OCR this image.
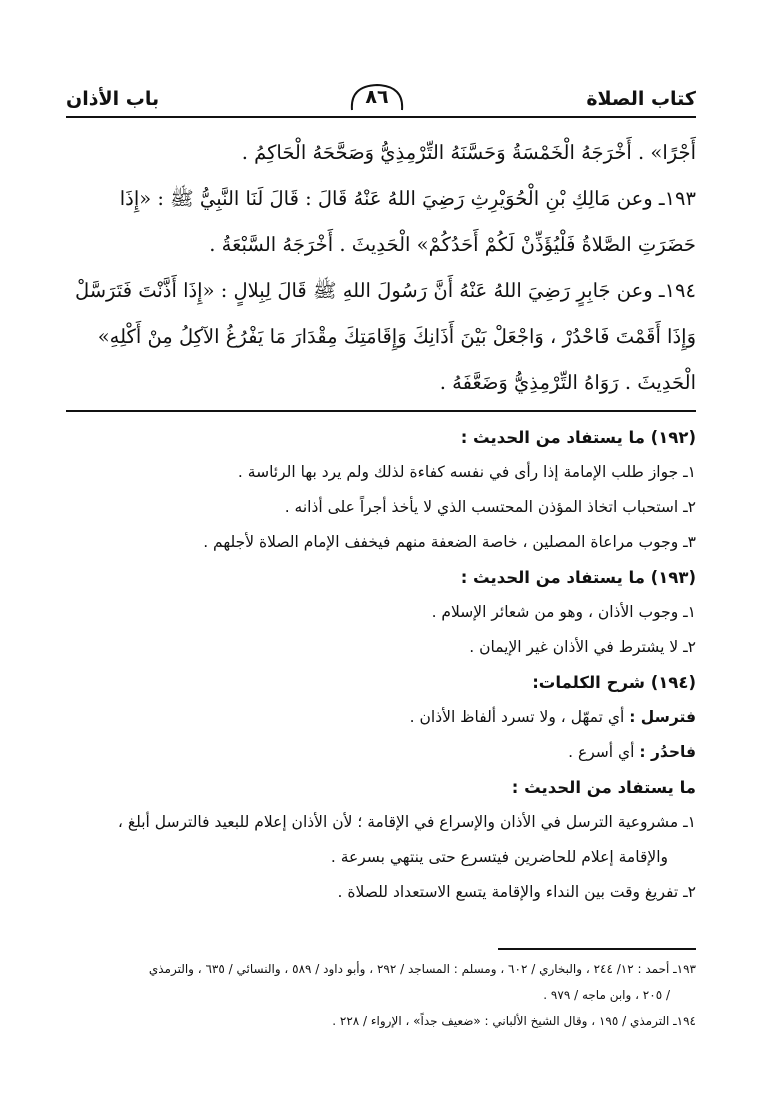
كتاب الصلاة
٨٦
باب الأذان

أَجْرًا» . أَخْرَجَهُ الْخَمْسَةُ وَحَسَّنَهُ التِّرْمِذِيُّ وَصَحَّحَهُ الْحَاكِمُ .

١٩٣ـ وعن مَالِكِ بْنِ الْحُوَيْرِثِ رَضِيَ اللهُ عَنْهُ قَالَ : قَالَ لَنَا النَّبِيُّ ﷺ : «إِذَا

حَضَرَتِ الصَّلاةُ فَلْيُؤَذِّنْ لَكُمْ أَحَدُكُمْ» الْحَدِيثَ . أَخْرَجَهُ السَّبْعَةُ .

١٩٤ـ وعن جَابِرٍ رَضِيَ اللهُ عَنْهُ أَنَّ رَسُولَ اللهِ ﷺ قَالَ لِبِلالٍ : «إِذَا أَذَّنْتَ فَتَرَسَّلْ

وَإِذَا أَقَمْتَ فَاحْدُرْ ، وَاجْعَلْ بَيْنَ أَذَانِكَ وَإِقَامَتِكَ مِقْدَارَ مَا يَفْرُغُ الآكِلُ مِنْ أَكْلِهِ»

الْحَدِيثَ . رَوَاهُ التِّرْمِذِيُّ وَضَعَّفَهُ .

(١٩٢) ما يستفاد من الحديث :

١ـ جواز طلب الإمامة إذا رأى في نفسه كفاءة لذلك ولم يرد بها الرئاسة .

٢ـ استحباب اتخاذ المؤذن المحتسب الذي لا يأخذ أجراً على أذانه .

٣ـ وجوب مراعاة المصلين ، خاصة الضعفة منهم فيخفف الإمام الصلاة لأجلهم .

(١٩٣) ما يستفاد من الحديث :

١ـ وجوب الأذان ، وهو من شعائر الإسلام .

٢ـ لا يشترط في الأذان غير الإيمان .

(١٩٤) شرح الكلمات:

فترسل : أي تمهّل ، ولا تسرد ألفاظ الأذان .

فاحدُر : أي أسرع .

ما يستفاد من الحديث :

١ـ مشروعية الترسل في الأذان والإسراع في الإقامة ؛ لأن الأذان إعلام للبعيد فالترسل أبلغ ،

والإقامة إعلام للحاضرين فيتسرع حتى ينتهي بسرعة .

٢ـ تفريغ وقت بين النداء والإقامة يتسع الاستعداد للصلاة .

١٩٣ـ أحمد : ١٢/ ٢٤٤ ، والبخاري / ٦٠٢ ، ومسلم : المساجد / ٢٩٢ ، وأبو داود / ٥٨٩ ، والنسائي / ٦٣٥ ، والترمذي

/ ٢٠٥ ، وابن ماجه / ٩٧٩ .

١٩٤ـ الترمذي / ١٩٥ ، وقال الشيخ الألباني : «ضعيف جداً» ، الإرواء / ٢٢٨ .
